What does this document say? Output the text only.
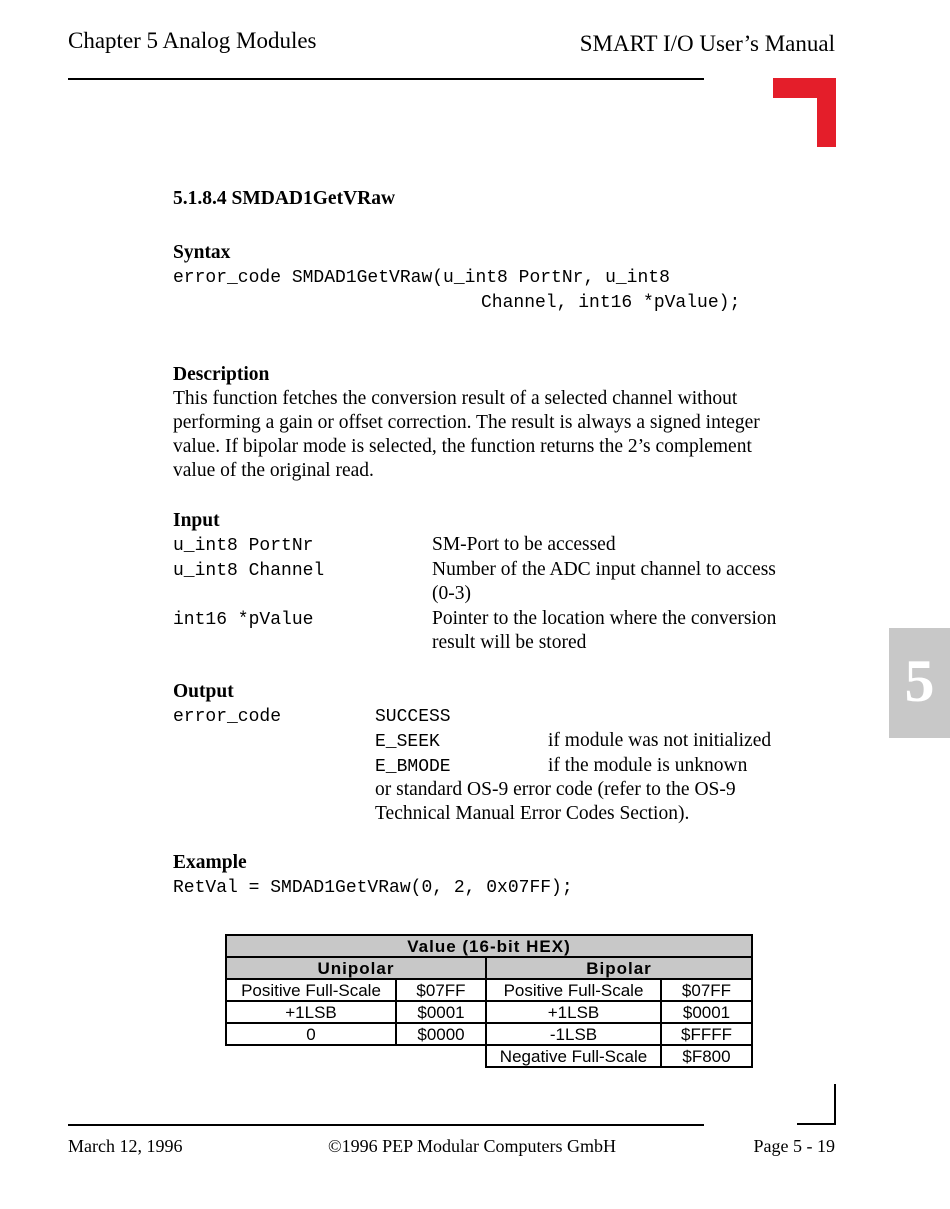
Chapter 5 Analog Modules	SMART I/O User’s Manual
5
5.1.8.4 SMDAD1GetVRaw
Syntax
error_code SMDAD1GetVRaw(u_int8 PortNr, u_int8
Channel, int16 *pValue);
Description
This function fetches the conversion result of a selected channel without
performing a gain or offset correction. The result is always a signed integer
value. If bipolar mode is selected, the function returns the 2’s complement
value of the original read.
Input
u_int8 PortNr	SM-Port to be accessed
u_int8 Channel	Number of the ADC input channel to access
(0-3)
int16 *pValue	Pointer to the location where the conversion
result will be stored
Output
error_code	SUCCESS
E_SEEK	if module was not initialized
E_BMODE	if the module is unknown
or standard OS-9 error code (refer to the OS-9
Technical Manual Error Codes Section).
Example
RetVal = SMDAD1GetVRaw(0, 2, 0x07FF);
Value (16-bit HEX)			
Unipolar		Bipolar	
Positive Full-Scale	$07FF	Positive Full-Scale	$07FF
+1LSB	$0001	+1LSB	$0001
0	$0000	-1LSB	$FFFF
		Negative Full-Scale	$F800
March 12, 1996	©1996 PEP Modular Computers GmbH	Page 5 - 19
